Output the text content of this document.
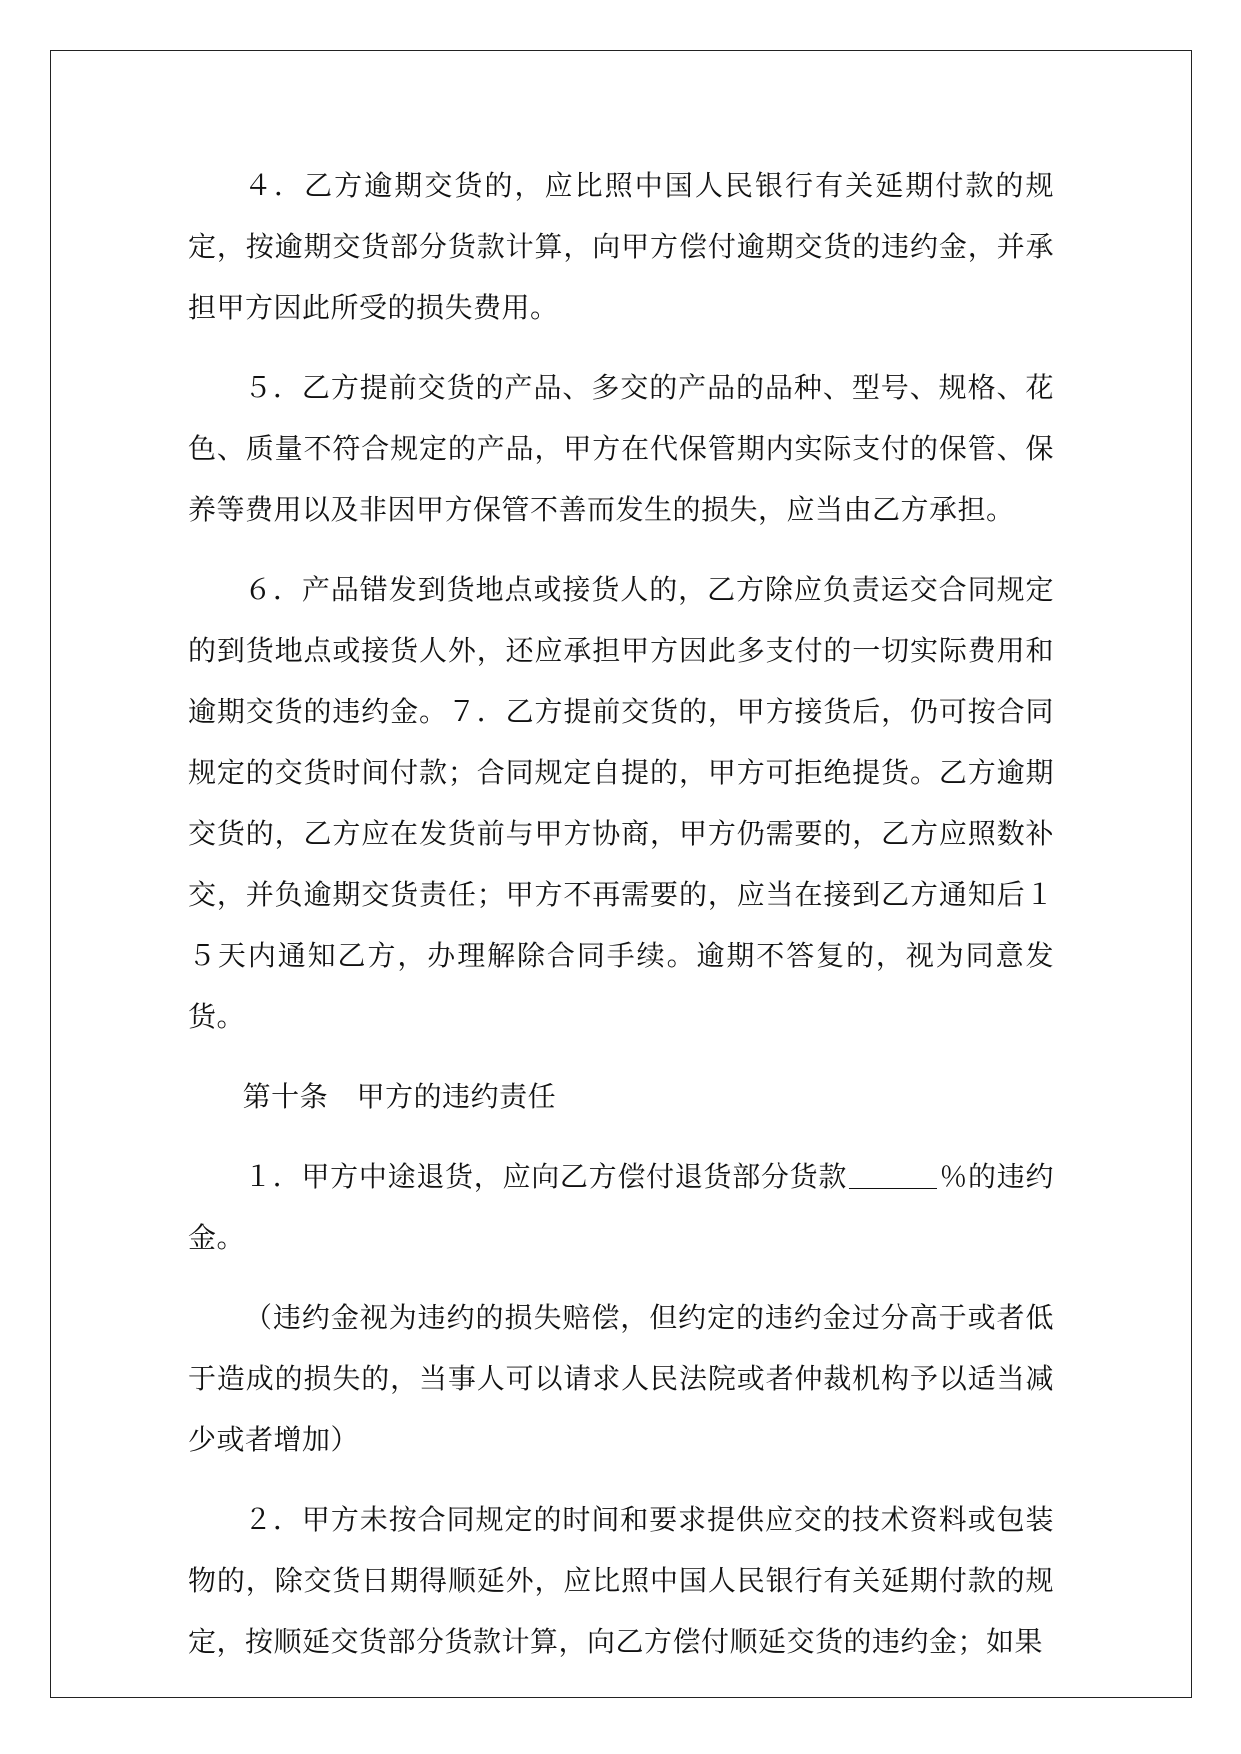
４．乙方逾期交货的，应比照中国人民银行有关延期付款的规定，按逾期交货部分货款计算，向甲方偿付逾期交货的违约金，并承担甲方因此所受的损失费用。

５．乙方提前交货的产品、多交的产品的品种、型号、规格、花色、质量不符合规定的产品，甲方在代保管期内实际支付的保管、保养等费用以及非因甲方保管不善而发生的损失，应当由乙方承担。

６．产品错发到货地点或接货人的，乙方除应负责运交合同规定的到货地点或接货人外，还应承担甲方因此多支付的一切实际费用和逾期交货的违约金。７．乙方提前交货的，甲方接货后，仍可按合同规定的交货时间付款；合同规定自提的，甲方可拒绝提货。乙方逾期交货的，乙方应在发货前与甲方协商，甲方仍需要的，乙方应照数补交，并负逾期交货责任；甲方不再需要的，应当在接到乙方通知后１５天内通知乙方，办理解除合同手续。逾期不答复的，视为同意发货。

第十条　甲方的违约责任

１．甲方中途退货，应向乙方偿付退货部分货款	％的违约金。

（违约金视为违约的损失赔偿，但约定的违约金过分高于或者低于造成的损失的，当事人可以请求人民法院或者仲裁机构予以适当减少或者增加）

２．甲方未按合同规定的时间和要求提供应交的技术资料或包装物的，除交货日期得顺延外，应比照中国人民银行有关延期付款的规定，按顺延交货部分货款计算，向乙方偿付顺延交货的违约金；如果
